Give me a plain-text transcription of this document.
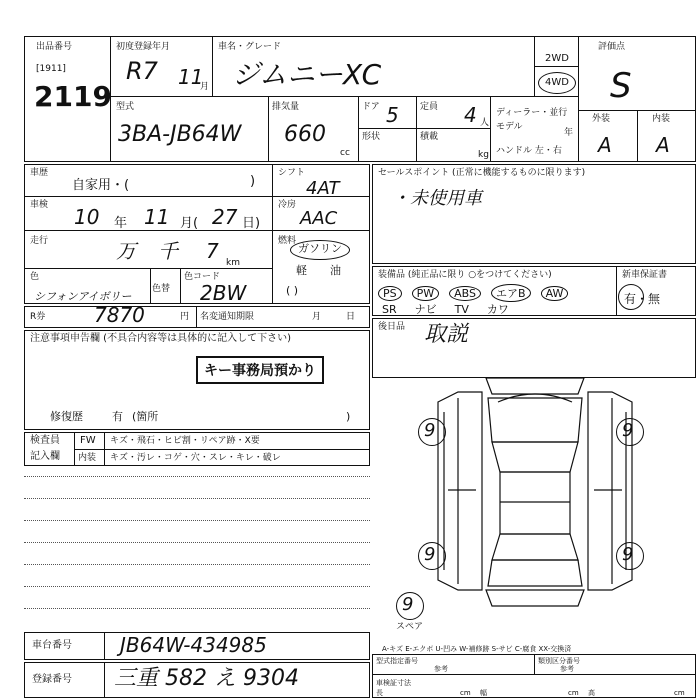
出品番号
[1911]
2119
初度登録年月
R7 11
月
車名・グレード
ジムニーXC	2WD
4WD
評価点
S
外装	内装
A A
型式
3BA-JB64W
排気量
660
cc
ドア 5 定員 4 人
形状	積載
kg
ディーラー・並行
モデル
年
ハンドル 左・右
車歴
自家用・(	)
車検 10 年 11 月( 27 日)
走行	万 千 7 km
色
シフォンアイボリー
色替
色コード
2BW
シフト
4AT
冷房
AAC
燃料
ガソリン
軽 油
( )
R券 7870	円 名変通知期限	月	日
セールスポイント (正常に機能するものに限ります)
・未使用車
装備品 (純正品に限り ○をつけてください)	新車保証書
有・無
PS PW ABS エアB AW
SR ナビ TV カワ
後日品 取説
注意事項申告欄 (不具合内容等は具体的に記入して下さい)
キー事務局預かり
修復歴	有 (箇所	)
検査員
記入欄
FW キズ・飛石・ヒビ割・リペア跡・X要
内装 キズ・汚レ・コゲ・穴・スレ・キレ・破レ
9	9
9	9
9
スペア
車台番号 JB64W-434985
登録番号 三重 582 え 9304
A-キズ E-エクボ U-凹み W-補修跡 S-サビ C-腐食 XX-交換済
型式指定番号
参考
類別区分番号
参考
車検証寸法
長	cm 幅	cm 高	cm
